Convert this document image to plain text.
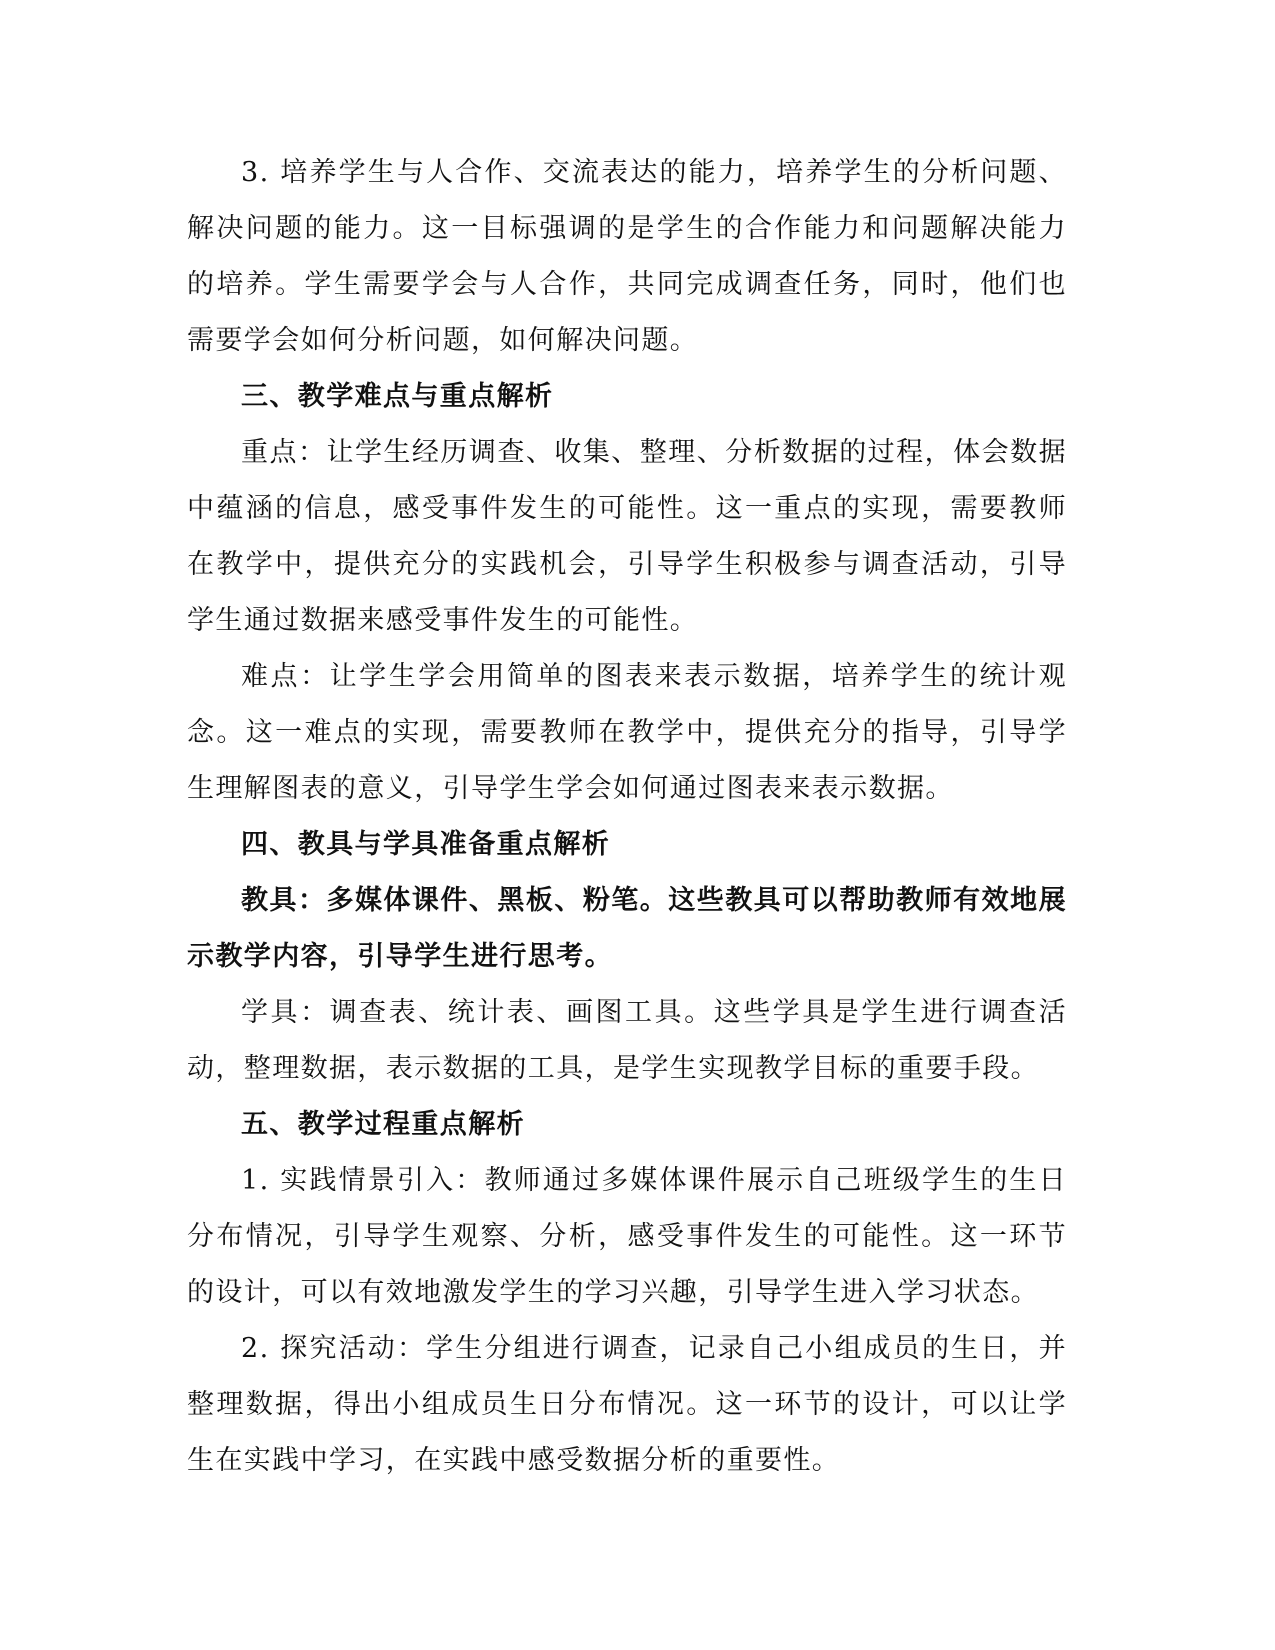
3. 培养学生与人合作、交流表达的能力，培养学生的分析问题、解决问题的能力。这一目标强调的是学生的合作能力和问题解决能力的培养。学生需要学会与人合作，共同完成调查任务，同时，他们也需要学会如何分析问题，如何解决问题。

三、教学难点与重点解析

重点：让学生经历调查、收集、整理、分析数据的过程，体会数据中蕴涵的信息，感受事件发生的可能性。这一重点的实现，需要教师在教学中，提供充分的实践机会，引导学生积极参与调查活动，引导学生通过数据来感受事件发生的可能性。

难点：让学生学会用简单的图表来表示数据，培养学生的统计观念。这一难点的实现，需要教师在教学中，提供充分的指导，引导学生理解图表的意义，引导学生学会如何通过图表来表示数据。

四、教具与学具准备重点解析

教具：多媒体课件、黑板、粉笔。这些教具可以帮助教师有效地展示教学内容，引导学生进行思考。

学具：调查表、统计表、画图工具。这些学具是学生进行调查活动，整理数据，表示数据的工具，是学生实现教学目标的重要手段。

五、教学过程重点解析

1. 实践情景引入：教师通过多媒体课件展示自己班级学生的生日分布情况，引导学生观察、分析，感受事件发生的可能性。这一环节的设计，可以有效地激发学生的学习兴趣，引导学生进入学习状态。

2. 探究活动：学生分组进行调查，记录自己小组成员的生日，并整理数据，得出小组成员生日分布情况。这一环节的设计，可以让学生在实践中学习，在实践中感受数据分析的重要性。
